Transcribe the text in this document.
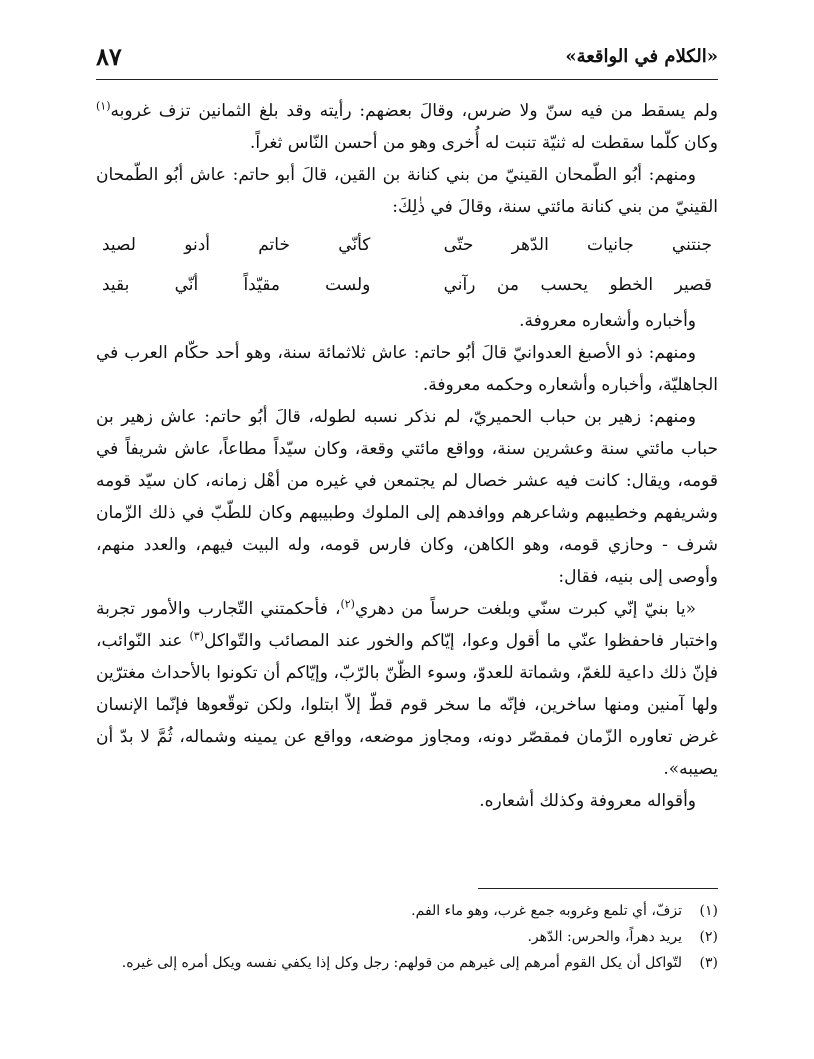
«الكلام في الواقعة»
٨٧

ولم يسقط من فيه سنّ ولا ضرس، وقالَ بعضهم: رأيته وقد بلغ الثمانين تزف غروبه$^{(١)}$ وكان كلّما سقطت له ثنيّة تنبت له أُخرى وهو من أحسن النّاس ثغراً.

ومنهم: أبُو الطّمحان القينيّ من بني كنانة بن القين، قالَ أبو حاتم: عاش أبُو الطّمحان القينيّ من بني كنانة مائتي سنة، وقالَ في ذٰلِكَ:

جنتني جانيات الدّهر حتّى
كأنّي خاتم أدنو لصيد
قصير الخطو يحسب من رآني
ولست مقيّداً أنّي بقيد

وأخباره وأشعاره معروفة.

ومنهم: ذو الأصبغ العدوانيّ قالَ أبُو حاتم: عاش ثلاثمائة سنة، وهو أحد حكّام العرب في الجاهليّة، وأخباره وأشعاره وحكمه معروفة.

ومنهم: زهير بن حباب الحميريّ، لم نذكر نسبه لطوله، قالَ أبُو حاتم: عاش زهير بن حباب مائتي سنة وعشرين سنة، وواقع مائتي وقعة، وكان سيّداً مطاعاً، عاش شريفاً في قومه، ويقال: كانت فيه عشر خصال لم يجتمعن في غيره من أهْل زمانه، كان سيّد قومه وشريفهم وخطيبهم وشاعرهم ووافدهم إلى الملوك وطبيبهم وكان للطّبّ في ذلك الزّمان شرف - وحازي قومه، وهو الكاهن، وكان فارس قومه، وله البيت فيهم، والعدد منهم، وأوصى إلى بنيه، فقال:

«يا بنيّ إنّي كبرت سنّي وبلغت حرساً من دهري$^{(٢)}$، فأحكمتني التّجارب والأمور تجربة واختبار فاحفظوا عنّي ما أقول وعوا، إيّاكم والخور عند المصائب والتّواكل$^{(٣)}$ عند النّوائب، فإنّ ذلك داعية للغمّ، وشماتة للعدوّ، وسوء الظّنّ بالرّبّ، وإيّاكم أن تكونوا بالأحداث مغترّين ولها آمنين ومنها ساخرين، فإنّه ما سخر قوم قطّ إلاّ ابتلوا، ولكن توقّعوها فإنّما الإنسان غرض تعاوره الزّمان فمقصّر دونه، ومجاوز موضعه، وواقع عن يمينه وشماله، ثُمَّ لا بدّ أن يصيبه».

وأقواله معروفة وكذلك أشعاره.

(١)
تزفّ، أي تلمع وغروبه جمع غرب، وهو ماء الفم.
(٢)
يريد دهراً، والحرس: الدّهر.
(٣)
لتّواكل أن يكل القوم أمرهم إلى غيرهم من قولهم: رجل وكل إذا يكفي نفسه ويكل أمره إلى غيره.
